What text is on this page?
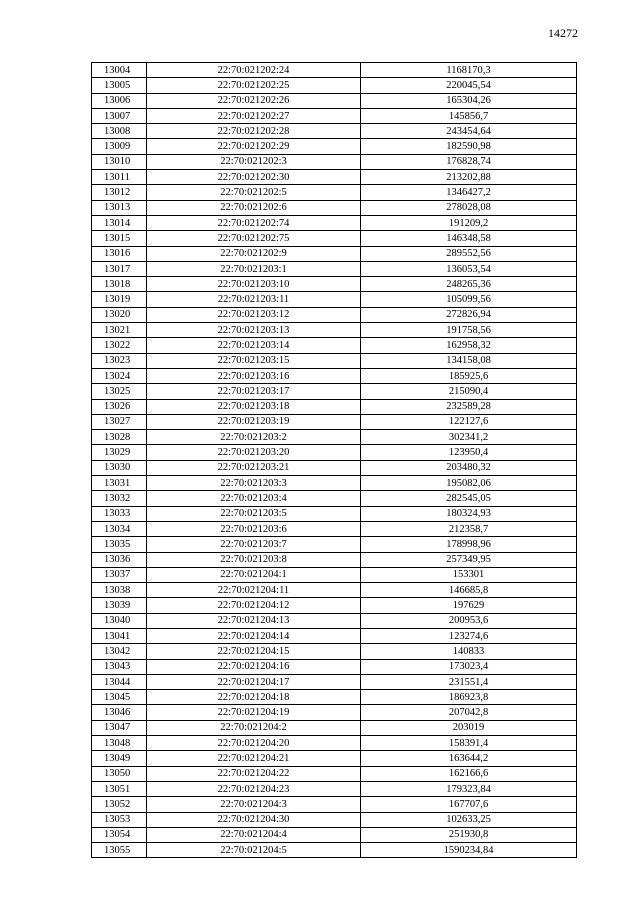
14272
13004	22:70:021202:24	1168170,3
13005	22:70:021202:25	220045,54
13006	22:70:021202:26	165304,26
13007	22:70:021202:27	145856,7
13008	22:70:021202:28	243454,64
13009	22:70:021202:29	182590,98
13010	22:70:021202:3	176828,74
13011	22:70:021202:30	213202,88
13012	22:70:021202:5	1346427,2
13013	22:70:021202:6	278028,08
13014	22:70:021202:74	191209,2
13015	22:70:021202:75	146348,58
13016	22:70:021202:9	289552,56
13017	22:70:021203:1	136053,54
13018	22:70:021203:10	248265,36
13019	22:70:021203:11	105099,56
13020	22:70:021203:12	272826,94
13021	22:70:021203:13	191758,56
13022	22:70:021203:14	162958,32
13023	22:70:021203:15	134158,08
13024	22:70:021203:16	185925,6
13025	22:70:021203:17	215090,4
13026	22:70:021203:18	232589,28
13027	22:70:021203:19	122127,6
13028	22:70:021203:2	302341,2
13029	22:70:021203:20	123950,4
13030	22:70:021203:21	203480,32
13031	22:70:021203:3	195082,06
13032	22:70:021203:4	282545,05
13033	22:70:021203:5	180324,93
13034	22:70:021203:6	212358,7
13035	22:70:021203:7	178998,96
13036	22:70:021203:8	257349,95
13037	22:70:021204:1	153301
13038	22:70:021204:11	146685,8
13039	22:70:021204:12	197629
13040	22:70:021204:13	200953,6
13041	22:70:021204:14	123274,6
13042	22:70:021204:15	140833
13043	22:70:021204:16	173023,4
13044	22:70:021204:17	231551,4
13045	22:70:021204:18	186923,8
13046	22:70:021204:19	207042,8
13047	22:70:021204:2	203019
13048	22:70:021204:20	158391,4
13049	22:70:021204:21	163644,2
13050	22:70:021204:22	162166,6
13051	22:70:021204:23	179323,84
13052	22:70:021204:3	167707,6
13053	22:70:021204:30	102633,25
13054	22:70:021204:4	251930,8
13055	22:70:021204:5	1590234,84
